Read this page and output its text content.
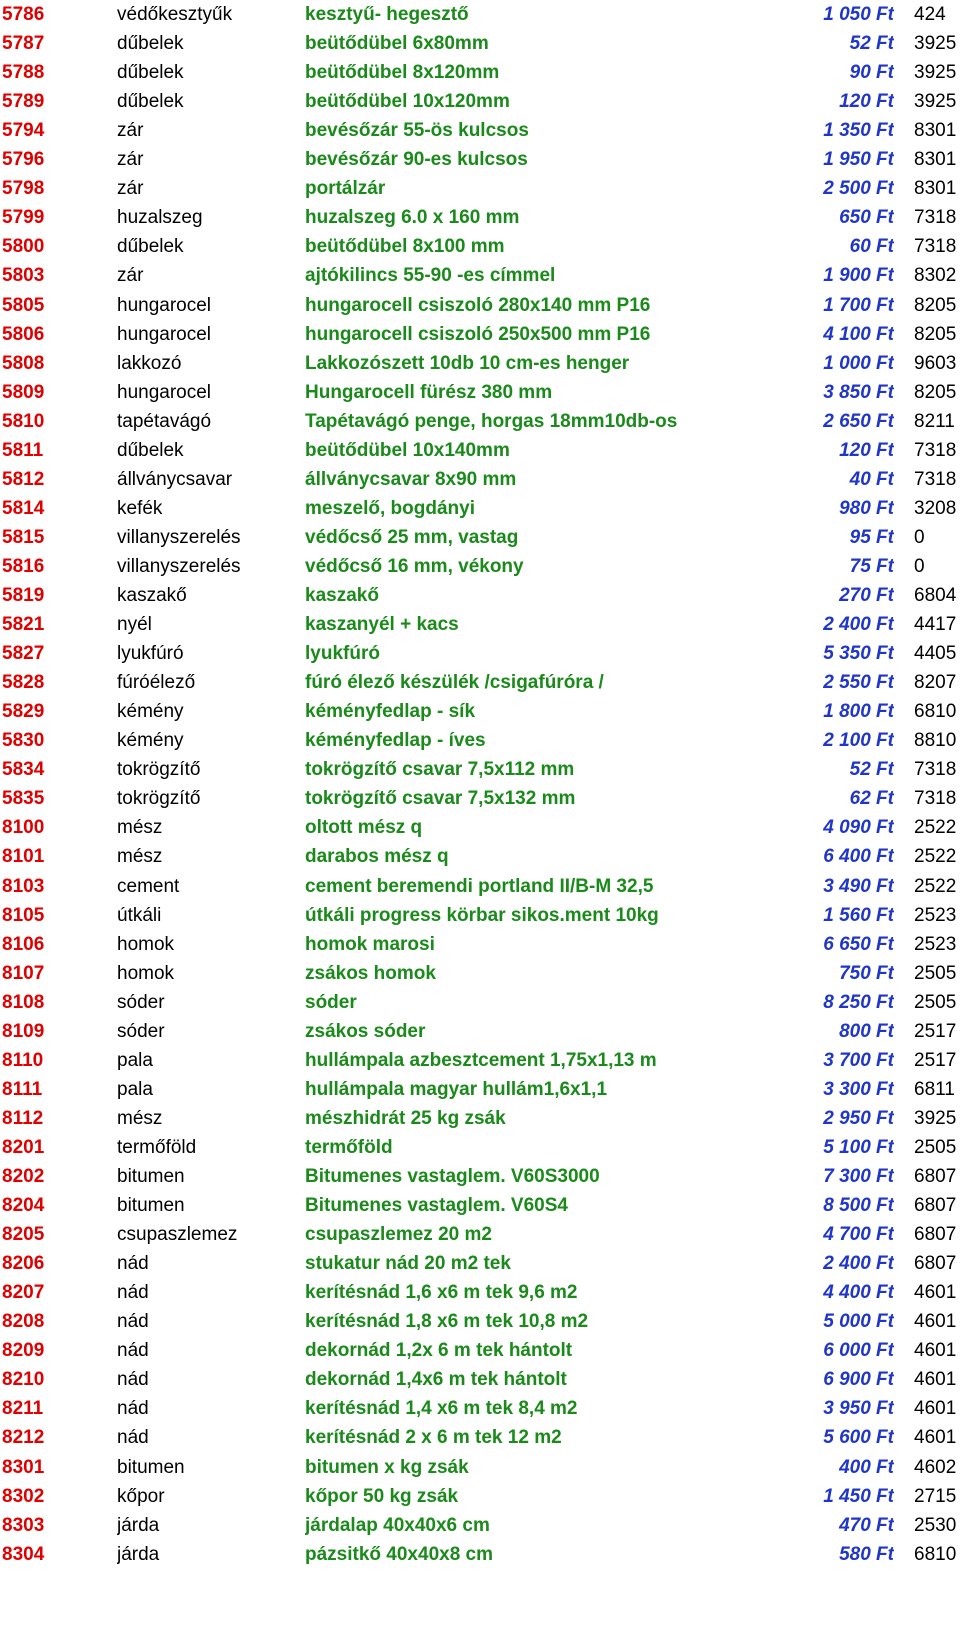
5786	védőkesztyűk	kesztyű- hegesztő	1 050 Ft 424
5787	dűbelek	beütődübel 6x80mm	52 Ft 3925
5788	dűbelek	beütődübel 8x120mm	90 Ft 3925
5789	dűbelek	beütődübel 10x120mm	120 Ft 3925
5794	zár	bevésőzár 55-ös kulcsos	1 350 Ft 8301
5796	zár	bevésőzár 90-es kulcsos	1 950 Ft 8301
5798	zár	portálzár	2 500 Ft 8301
5799	huzalszeg	huzalszeg 6.0 x 160 mm	650 Ft 7318
5800	dűbelek	beütődübel 8x100 mm	60 Ft 7318
5803	zár	ajtókilincs 55-90 -es címmel	1 900 Ft 8302
5805	hungarocel	hungarocell csiszoló 280x140 mm P16	1 700 Ft 8205
5806	hungarocel	hungarocell csiszoló 250x500 mm P16	4 100 Ft 8205
5808	lakkozó	Lakkozószett 10db 10 cm-es henger	1 000 Ft 9603
5809	hungarocel	Hungarocell fürész 380 mm	3 850 Ft 8205
5810	tapétavágó	Tapétavágó penge, horgas 18mm10db-os	2 650 Ft 8211
5811	dűbelek	beütődübel 10x140mm	120 Ft 7318
5812	állványcsavar	állványcsavar 8x90 mm	40 Ft 7318
5814	kefék	meszelő, bogdányi	980 Ft 3208
5815	villanyszerelés	védőcső 25 mm, vastag	95 Ft 0
5816	villanyszerelés	védőcső 16 mm, vékony	75 Ft 0
5819	kaszakő	kaszakő	270 Ft 6804
5821	nyél	kaszanyél + kacs	2 400 Ft 4417
5827	lyukfúró	lyukfúró	5 350 Ft 4405
5828	fúróélező	fúró élező készülék /csigafúróra /	2 550 Ft 8207
5829	kémény	kéményfedlap - sík	1 800 Ft 6810
5830	kémény	kéményfedlap - íves	2 100 Ft 8810
5834	tokrögzítő	tokrögzítő csavar 7,5x112 mm	52 Ft 7318
5835	tokrögzítő	tokrögzítő csavar 7,5x132 mm	62 Ft 7318
8100	mész	oltott mész q	4 090 Ft 2522
8101	mész	darabos mész q	6 400 Ft 2522
8103	cement	cement beremendi portland II/B-M 32,5	3 490 Ft 2522
8105	útkáli	útkáli progress körbar sikos.ment 10kg	1 560 Ft 2523
8106	homok	homok marosi	6 650 Ft 2523
8107	homok	zsákos homok	750 Ft 2505
8108	sóder	sóder	8 250 Ft 2505
8109	sóder	zsákos sóder	800 Ft 2517
8110	pala	hullámpala azbesztcement 1,75x1,13 m	3 700 Ft 2517
8111	pala	hullámpala magyar hullám1,6x1,1	3 300 Ft 6811
8112	mész	mészhidrát 25 kg zsák	2 950 Ft 3925
8201	termőföld	termőföld	5 100 Ft 2505
8202	bitumen	Bitumenes vastaglem. V60S3000	7 300 Ft 6807
8204	bitumen	Bitumenes vastaglem. V60S4	8 500 Ft 6807
8205	csupaszlemez	csupaszlemez 20 m2	4 700 Ft 6807
8206	nád	stukatur nád 20 m2 tek	2 400 Ft 6807
8207	nád	kerítésnád 1,6 x6 m tek 9,6 m2	4 400 Ft 4601
8208	nád	kerítésnád 1,8 x6 m tek 10,8 m2	5 000 Ft 4601
8209	nád	dekornád 1,2x 6 m tek hántolt	6 000 Ft 4601
8210	nád	dekornád 1,4x6 m tek hántolt	6 900 Ft 4601
8211	nád	kerítésnád 1,4 x6 m tek 8,4 m2	3 950 Ft 4601
8212	nád	kerítésnád 2 x 6 m tek 12 m2	5 600 Ft 4601
8301	bitumen	bitumen x kg zsák	400 Ft 4602
8302	kőpor	kőpor 50 kg zsák	1 450 Ft 2715
8303	járda	járdalap 40x40x6 cm	470 Ft 2530
8304	járda	pázsitkő 40x40x8 cm	580 Ft 6810
